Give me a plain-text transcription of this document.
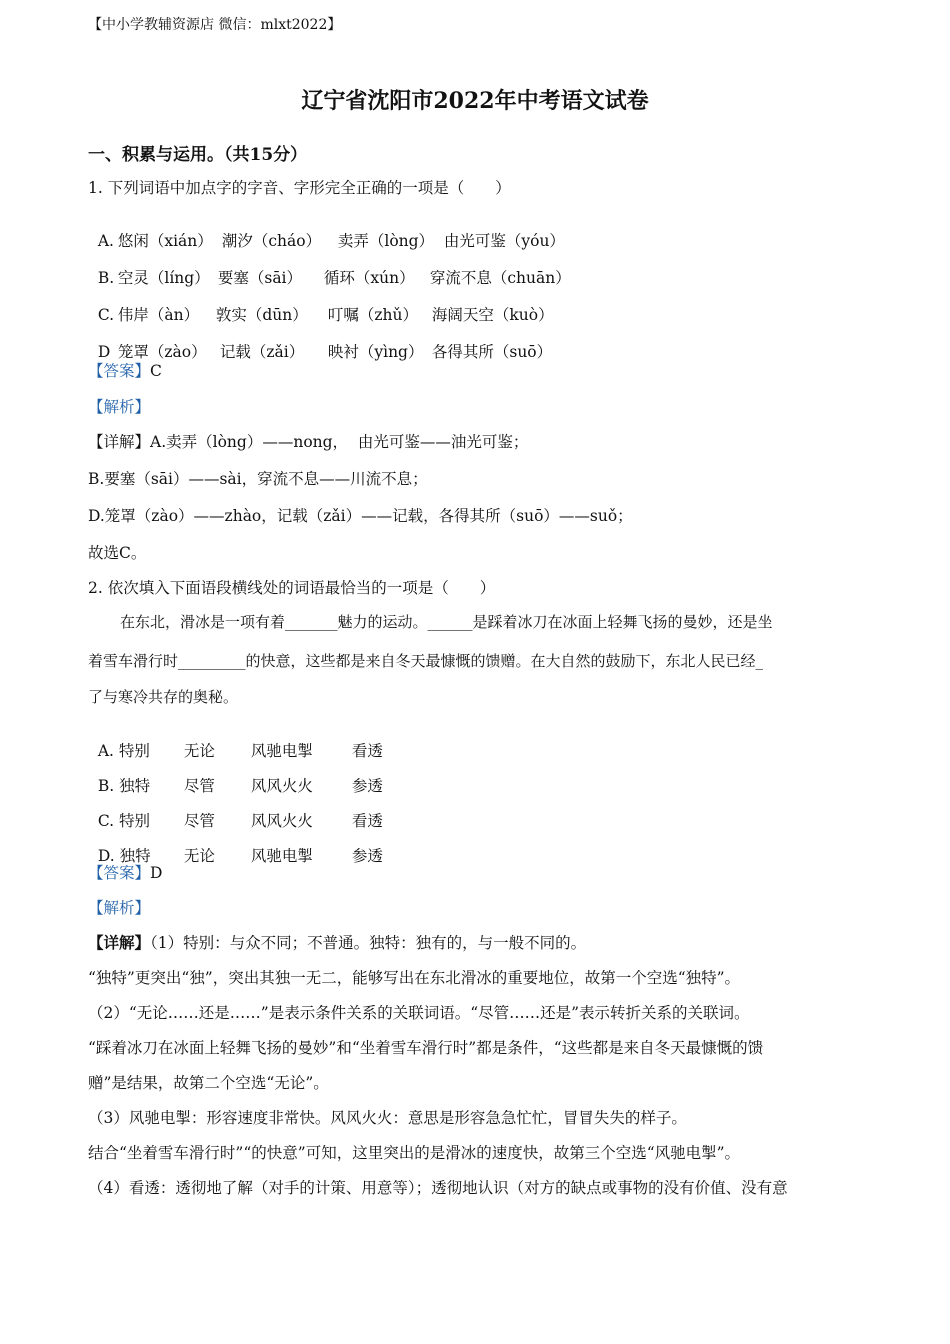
【中小学教辅资源店 微信：mlxt2022】
辽宁省沈阳市2022年中考语文试卷
一、积累与运用。（共15分）
1. 下列词语中加点字的字音、字形完全正确的一项是（　　）

A. 悠闲（xián） 潮汐（cháo） 卖弄（lòng） 由光可鉴（yóu）

B. 空灵（líng） 要塞（sāi） 循环（xún） 穿流不息（chuān）

C. 伟岸（àn） 敦实（dūn） 叮嘱（zhǔ） 海阔天空（kuò）

D 笼罩（zào） 记载（zǎi） 映衬（yìng） 各得其所（suō）

【答案】C
【解析】
【详解】A.卖弄（lòng）——nong，  由光可鉴——油光可鉴；
B.要塞（sāi）——sài，穿流不息——川流不息；
D.笼罩（zào）——zhào，记载（zǎi）——记载，各得其所（suō）——suǒ；
故选C。
2. 依次填入下面语段横线处的词语最恰当的一项是（　　）
在东北，滑冰是一项有着_______魅力的运动。______是踩着冰刀在冰面上轻舞飞扬的曼妙，还是坐
着雪车滑行时_________的快意，这些都是来自冬天最慷慨的馈赠。在大自然的鼓励下，东北人民已经_
了与寒冷共存的奥秘。

A. 特别 无论 风驰电掣	看透

B. 独特 尽管 风风火火	参透

C. 特别 尽管 风风火火	看透

D. 独特 无论 风驰电掣	参透

【答案】D
【解析】
【详解】（1）特别：与众不同；不普通。独特：独有的，与一般不同的。
“独特”更突出“独”，突出其独一无二，能够写出在东北滑冰的重要地位，故第一个空选“独特”。
（2）“无论……还是……”是表示条件关系的关联词语。“尽管……还是”表示转折关系的关联词。
“踩着冰刀在冰面上轻舞飞扬的曼妙”和“坐着雪车滑行时”都是条件，“这些都是来自冬天最慷慨的馈
赠”是结果，故第二个空选“无论”。
（3）风驰电掣：形容速度非常快。风风火火：意思是形容急急忙忙，冒冒失失的样子。
结合“坐着雪车滑行时”“的快意”可知，这里突出的是滑冰的速度快，故第三个空选“风驰电掣”。
（4）看透：透彻地了解（对手的计策、用意等）；透彻地认识（对方的缺点或事物的没有价值、没有意
